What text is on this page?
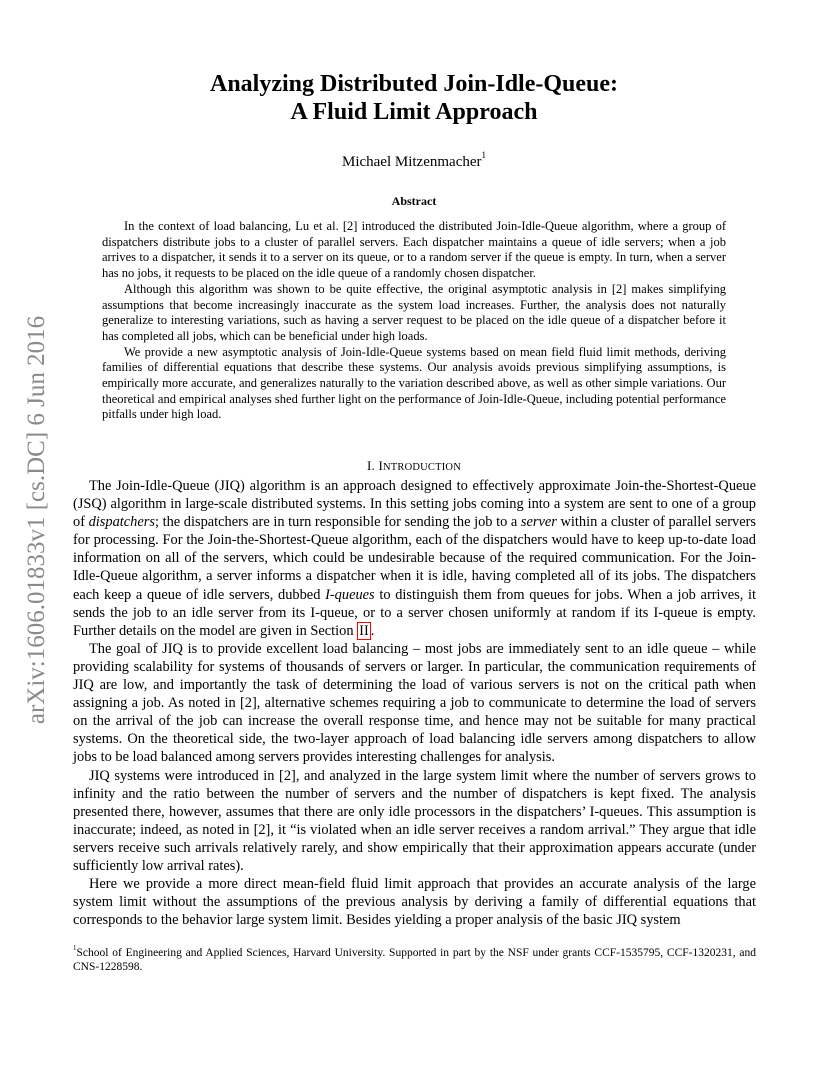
arXiv:1606.01833v1 [cs.DC] 6 Jun 2016
Analyzing Distributed Join-Idle-Queue:
A Fluid Limit Approach
Michael Mitzenmacher$^1$
Abstract

In the context of load balancing, Lu et al. [2] introduced the distributed Join-Idle-Queue algorithm, where a group of dispatchers distribute jobs to a cluster of parallel servers. Each dispatcher maintains a queue of idle servers; when a job arrives to a dispatcher, it sends it to a server on its queue, or to a random server if the queue is empty. In turn, when a server has no jobs, it requests to be placed on the idle queue of a randomly chosen dispatcher.

Although this algorithm was shown to be quite effective, the original asymptotic analysis in [2] makes simplifying assumptions that become increasingly inaccurate as the system load increases. Further, the analysis does not naturally generalize to interesting variations, such as having a server request to be placed on the idle queue of a dispatcher before it has completed all jobs, which can be beneficial under high loads.

We provide a new asymptotic analysis of Join-Idle-Queue systems based on mean field fluid limit methods, deriving families of differential equations that describe these systems. Our analysis avoids previous simplifying assumptions, is empirically more accurate, and generalizes naturally to the variation described above, as well as other simple variations. Our theoretical and empirical analyses shed further light on the performance of Join-Idle-Queue, including potential performance pitfalls under high load.

I. INTRODUCTION

The Join-Idle-Queue (JIQ) algorithm is an approach designed to effectively approximate Join-the-Shortest-Queue (JSQ) algorithm in large-scale distributed systems. In this setting jobs coming into a system are sent to one of a group of dispatchers; the dispatchers are in turn responsible for sending the job to a server within a cluster of parallel servers for processing. For the Join-the-Shortest-Queue algorithm, each of the dispatchers would have to keep up-to-date load information on all of the servers, which could be undesirable because of the required communication. For the Join-Idle-Queue algorithm, a server informs a dispatcher when it is idle, having completed all of its jobs. The dispatchers each keep a queue of idle servers, dubbed I-queues to distinguish them from queues for jobs. When a job arrives, it sends the job to an idle server from its I-queue, or to a server chosen uniformly at random if its I-queue is empty. Further details on the model are given in Section II .

The goal of JIQ is to provide excellent load balancing – most jobs are immediately sent to an idle queue – while providing scalability for systems of thousands of servers or larger. In particular, the communication requirements of JIQ are low, and importantly the task of determining the load of various servers is not on the critical path when assigning a job. As noted in [2], alternative schemes requiring a job to communicate to determine the load of servers on the arrival of the job can increase the overall response time, and hence may not be suitable for many practical systems. On the theoretical side, the two-layer approach of load balancing idle servers among dispatchers to allow jobs to be load balanced among servers provides interesting challenges for analysis.

JIQ systems were introduced in [2], and analyzed in the large system limit where the number of servers grows to infinity and the ratio between the number of servers and the number of dispatchers is kept fixed. The analysis presented there, however, assumes that there are only idle processors in the dispatchers’ I-queues. This assumption is inaccurate; indeed, as noted in [2], it “is violated when an idle server receives a random arrival.” They argue that idle servers receive such arrivals relatively rarely, and show empirically that their approximation appears accurate (under sufficiently low arrival rates).

Here we provide a more direct mean-field fluid limit approach that provides an accurate analysis of the large system limit without the assumptions of the previous analysis by deriving a family of differential equations that corresponds to the behavior large system limit. Besides yielding a proper analysis of the basic JIQ system

$^1$School of Engineering and Applied Sciences, Harvard University. Supported in part by the NSF under grants CCF-1535795, CCF-1320231, and CNS-1228598.
